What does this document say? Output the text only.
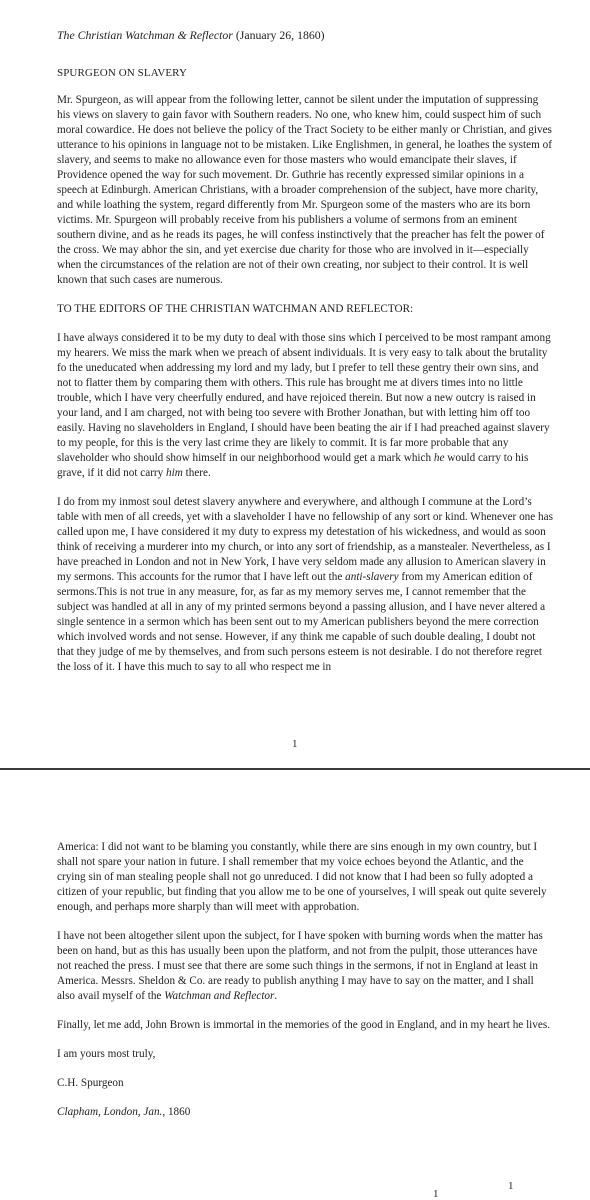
The Christian Watchman & Reflector (January 26, 1860)

SPURGEON ON SLAVERY

Mr. Spurgeon, as will appear from the following letter, cannot be silent under the imputation of suppressing his views on slavery to gain favor with Southern readers. No one, who knew him, could suspect him of such moral cowardice. He does not believe the policy of the Tract Society to be either manly or Christian, and gives utterance to his opinions in language not to be mistaken. Like Englishmen, in general, he loathes the system of slavery, and seems to make no allowance even for those masters who would emancipate their slaves, if Providence opened the way for such movement. Dr. Guthrie has recently expressed similar opinions in a speech at Edinburgh. American Christians, with a broader comprehension of the subject, have more charity, and while loathing the system, regard differently from Mr. Spurgeon some of the masters who are its born victims. Mr. Spurgeon will probably receive from his publishers a volume of sermons from an eminent southern divine, and as he reads its pages, he will confess instinctively that the preacher has felt the power of the cross. We may abhor the sin, and yet exercise due charity for those who are involved in it—especially when the circumstances of the relation are not of their own creating, nor subject to their control. It is well known that such cases are numerous.

TO THE EDITORS OF THE CHRISTIAN WATCHMAN AND REFLECTOR:

I have always considered it to be my duty to deal with those sins which I perceived to be most rampant among my hearers. We miss the mark when we preach of absent individuals. It is very easy to talk about the brutality fo the uneducated when addressing my lord and my lady, but I prefer to tell these gentry their own sins, and not to flatter them by comparing them with others. This rule has brought me at divers times into no little trouble, which I have very cheerfully endured, and have rejoiced therein. But now a new outcry is raised in your land, and I am charged, not with being too severe with Brother Jonathan, but with letting him off too easily. Having no slaveholders in England, I should have been beating the air if I had preached against slavery to my people, for this is the very last crime they are likely to commit. It is far more probable that any slaveholder who should show himself in our neighborhood would get a mark which he would carry to his grave, if it did not carry him there.

I do from my inmost soul detest slavery anywhere and everywhere, and although I commune at the Lord’s table with men of all creeds, yet with a slaveholder I have no fellowship of any sort or kind. Whenever one has called upon me, I have considered it my duty to express my detestation of his wickedness, and would as soon think of receiving a murderer into my church, or into any sort of friendship, as a manstealer. Nevertheless, as I have preached in London and not in New York, I have very seldom made any allusion to American slavery in my sermons. This accounts for the rumor that I have left out the anti-slavery from my American edition of sermons.This is not true in any measure, for, as far as my memory serves me, I cannot remember that the subject was handled at all in any of my printed sermons beyond a passing allusion, and I have never altered a single sentence in a sermon which has been sent out to my American publishers beyond the mere correction which involved words and not sense. However, if any think me capable of such double dealing, I doubt not that they judge of me by themselves, and from such persons esteem is not desirable. I do not therefore regret the loss of it. I have this much to say to all who respect me in

1

America: I did not want to be blaming you constantly, while there are sins enough in my own country, but I shall not spare your nation in future. I shall remember that my voice echoes beyond the Atlantic, and the crying sin of man stealing people shall not go unreduced. I did not know that I had been so fully adopted a citizen of your republic, but finding that you allow me to be one of yourselves, I will speak out quite severely enough, and perhaps more sharply than will meet with approbation.

I have not been altogether silent upon the subject, for I have spoken with burning words when the matter has been on hand, but as this has usually been upon the platform, and not from the pulpit, those utterances have not reached the press. I must see that there are some such things in the sermons, if not in England at least in America. Messrs. Sheldon & Co. are ready to publish anything I may have to say on the matter, and I shall also avail myself of the Watchman and Reflector.

Finally, let me add, John Brown is immortal in the memories of the good in England, and in my heart he lives.

I am yours most truly,

C.H. Spurgeon

Clapham, London, Jan., 1860

1
1
